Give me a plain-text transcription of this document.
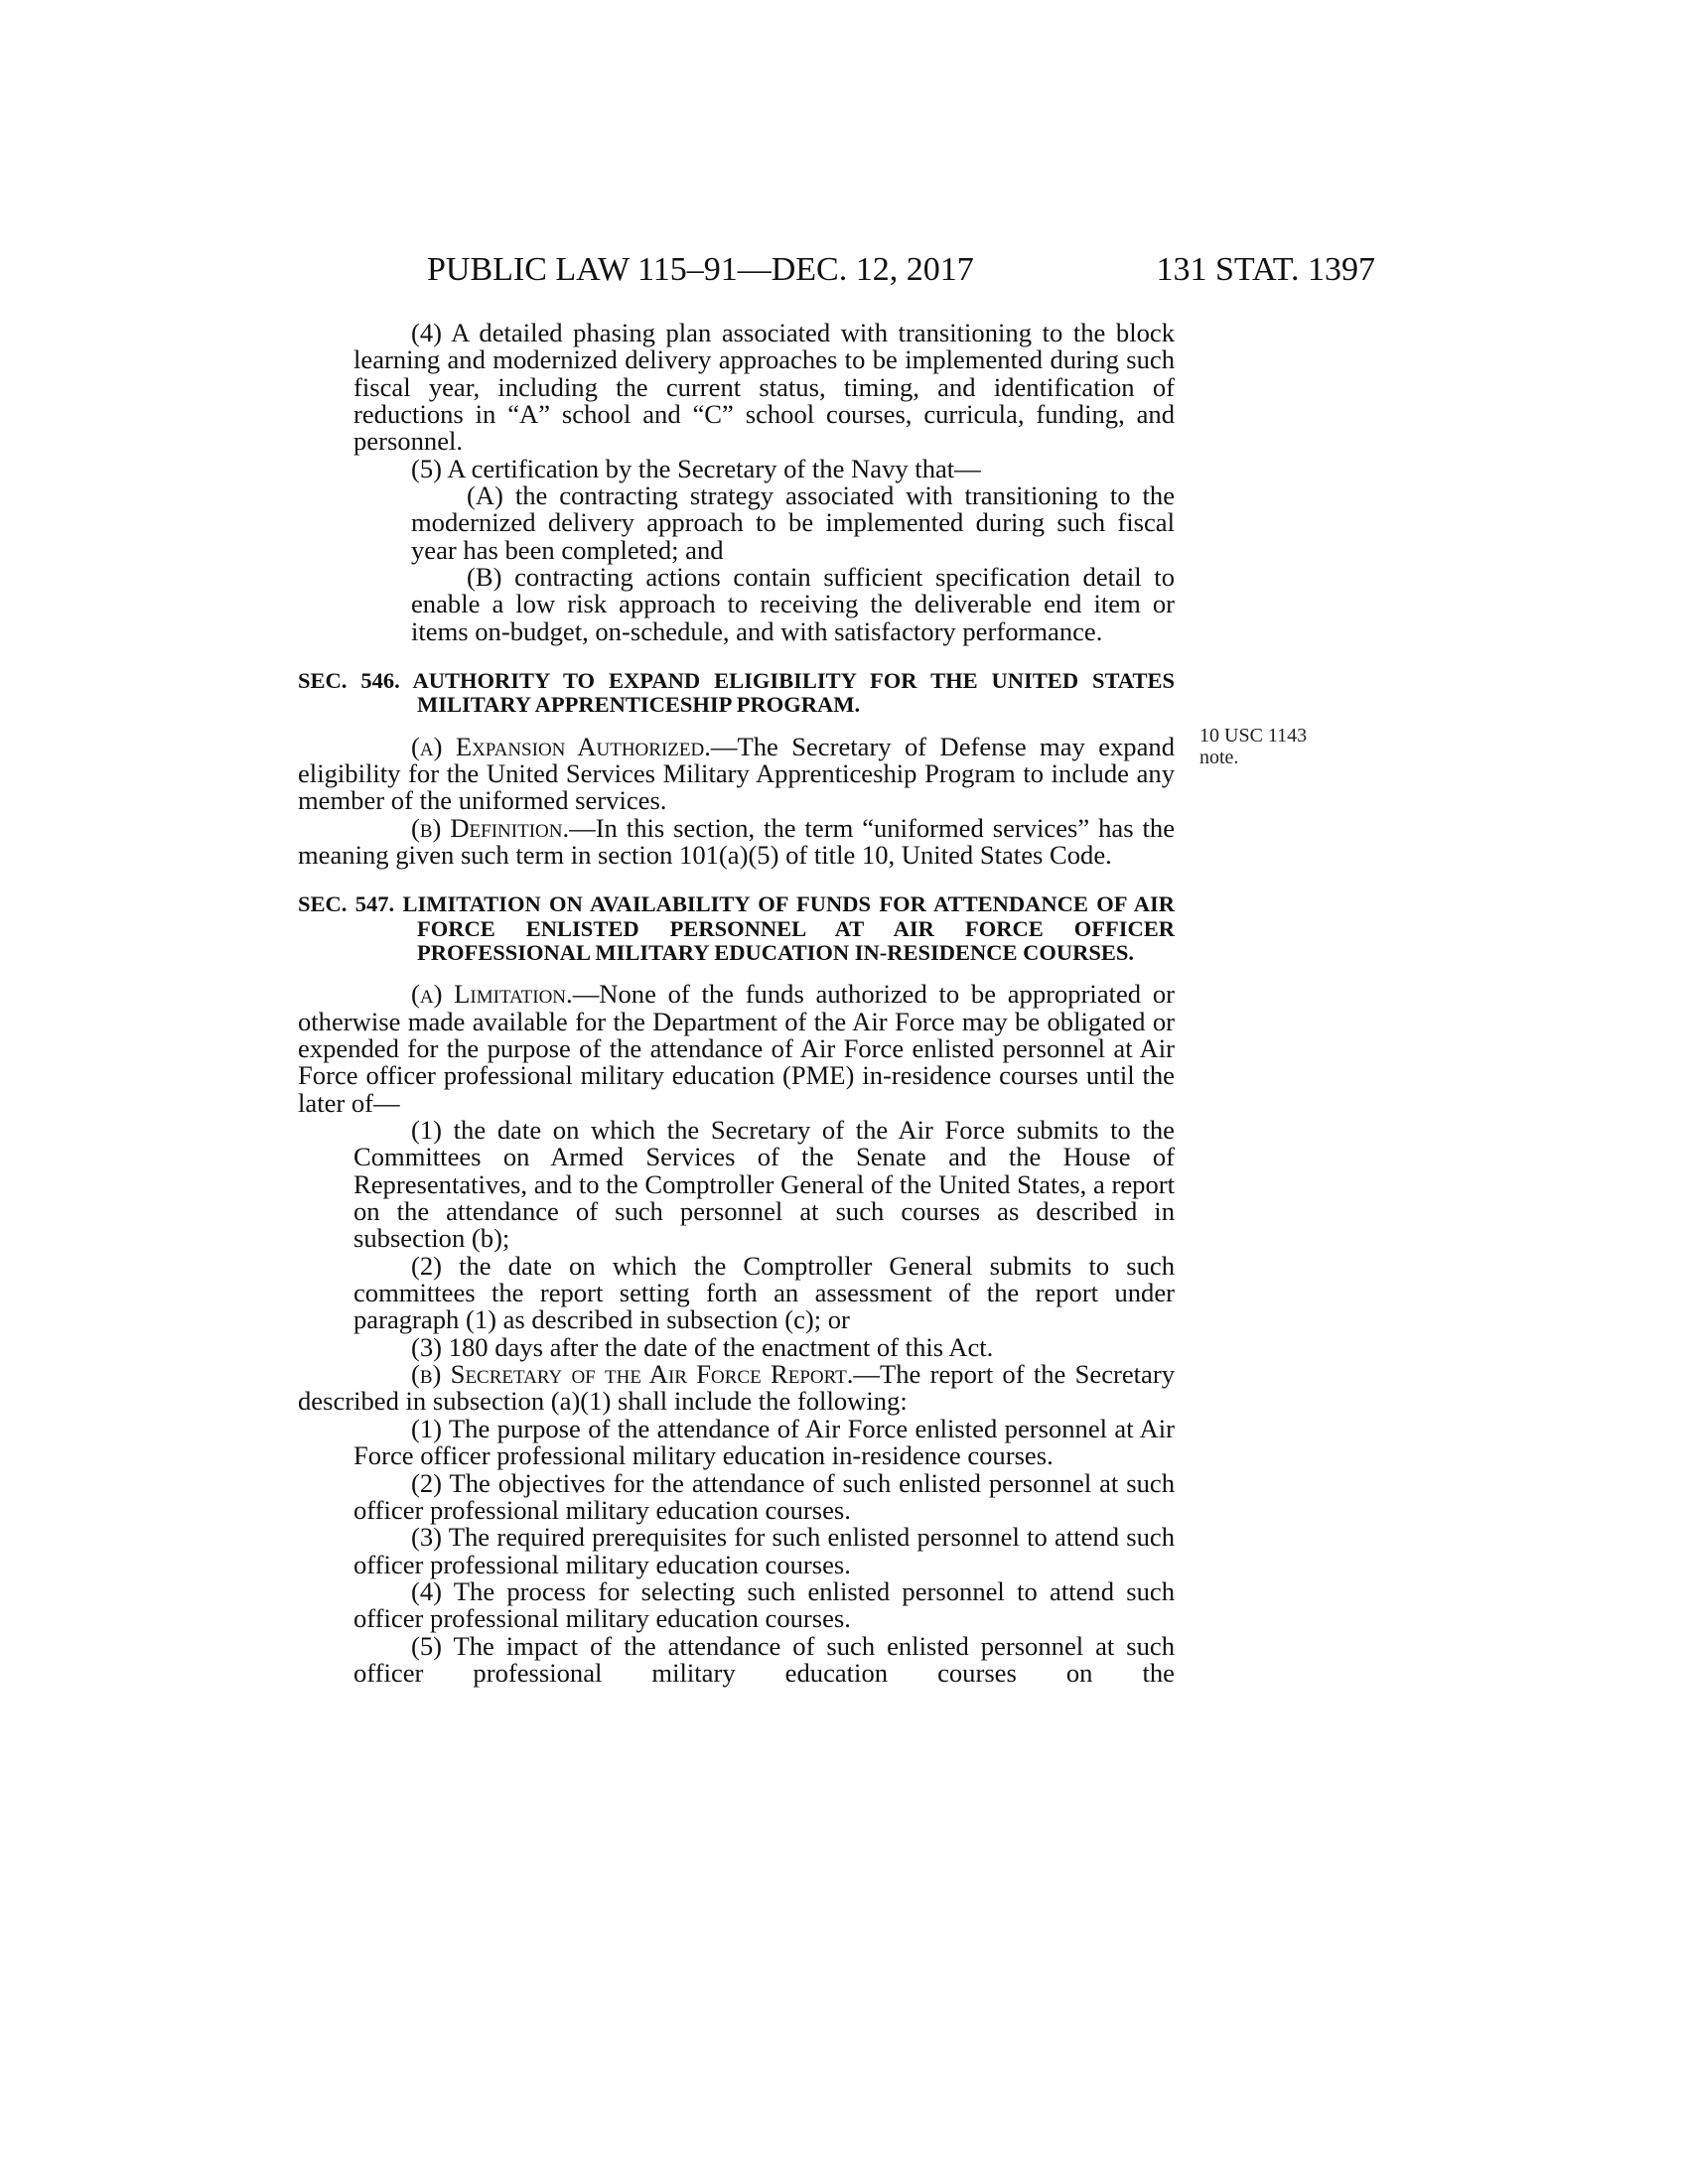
PUBLIC LAW 115–91—DEC. 12, 2017	131 STAT. 1397
10 USC 1143
note.

(4) A detailed phasing plan associated with transitioning to the block learning and modernized delivery approaches to be implemented during such fiscal year, including the current status, timing, and identification of reductions in “A” school and “C” school courses, curricula, funding, and personnel.

(5) A certification by the Secretary of the Navy that—

(A) the contracting strategy associated with transitioning to the modernized delivery approach to be implemented during such fiscal year has been completed; and

(B) contracting actions contain sufficient specification detail to enable a low risk approach to receiving the deliverable end item or items on-budget, on-schedule, and with satisfactory performance.

SEC. 546. AUTHORITY TO EXPAND ELIGIBILITY FOR THE UNITED STATES MILITARY APPRENTICESHIP PROGRAM.

(a) Expansion Authorized.—The Secretary of Defense may expand eligibility for the United Services Military Apprenticeship Program to include any member of the uniformed services.

(b) Definition.—In this section, the term “uniformed services” has the meaning given such term in section 101(a)(5) of title 10, United States Code.

SEC. 547. LIMITATION ON AVAILABILITY OF FUNDS FOR ATTENDANCE OF AIR FORCE ENLISTED PERSONNEL AT AIR FORCE OFFICER PROFESSIONAL MILITARY EDUCATION IN-RESIDENCE COURSES.

(a) Limitation.—None of the funds authorized to be appropriated or otherwise made available for the Department of the Air Force may be obligated or expended for the purpose of the attendance of Air Force enlisted personnel at Air Force officer professional military education (PME) in-residence courses until the later of—

(1) the date on which the Secretary of the Air Force submits to the Committees on Armed Services of the Senate and the House of Representatives, and to the Comptroller General of the United States, a report on the attendance of such personnel at such courses as described in subsection (b);

(2) the date on which the Comptroller General submits to such committees the report setting forth an assessment of the report under paragraph (1) as described in subsection (c); or

(3) 180 days after the date of the enactment of this Act.

(b) Secretary of the Air Force Report.—The report of the Secretary described in subsection (a)(1) shall include the following:

(1) The purpose of the attendance of Air Force enlisted personnel at Air Force officer professional military education in-residence courses.

(2) The objectives for the attendance of such enlisted personnel at such officer professional military education courses.

(3) The required prerequisites for such enlisted personnel to attend such officer professional military education courses.

(4) The process for selecting such enlisted personnel to attend such officer professional military education courses.

(5) The impact of the attendance of such enlisted personnel at such officer professional military education courses on the
